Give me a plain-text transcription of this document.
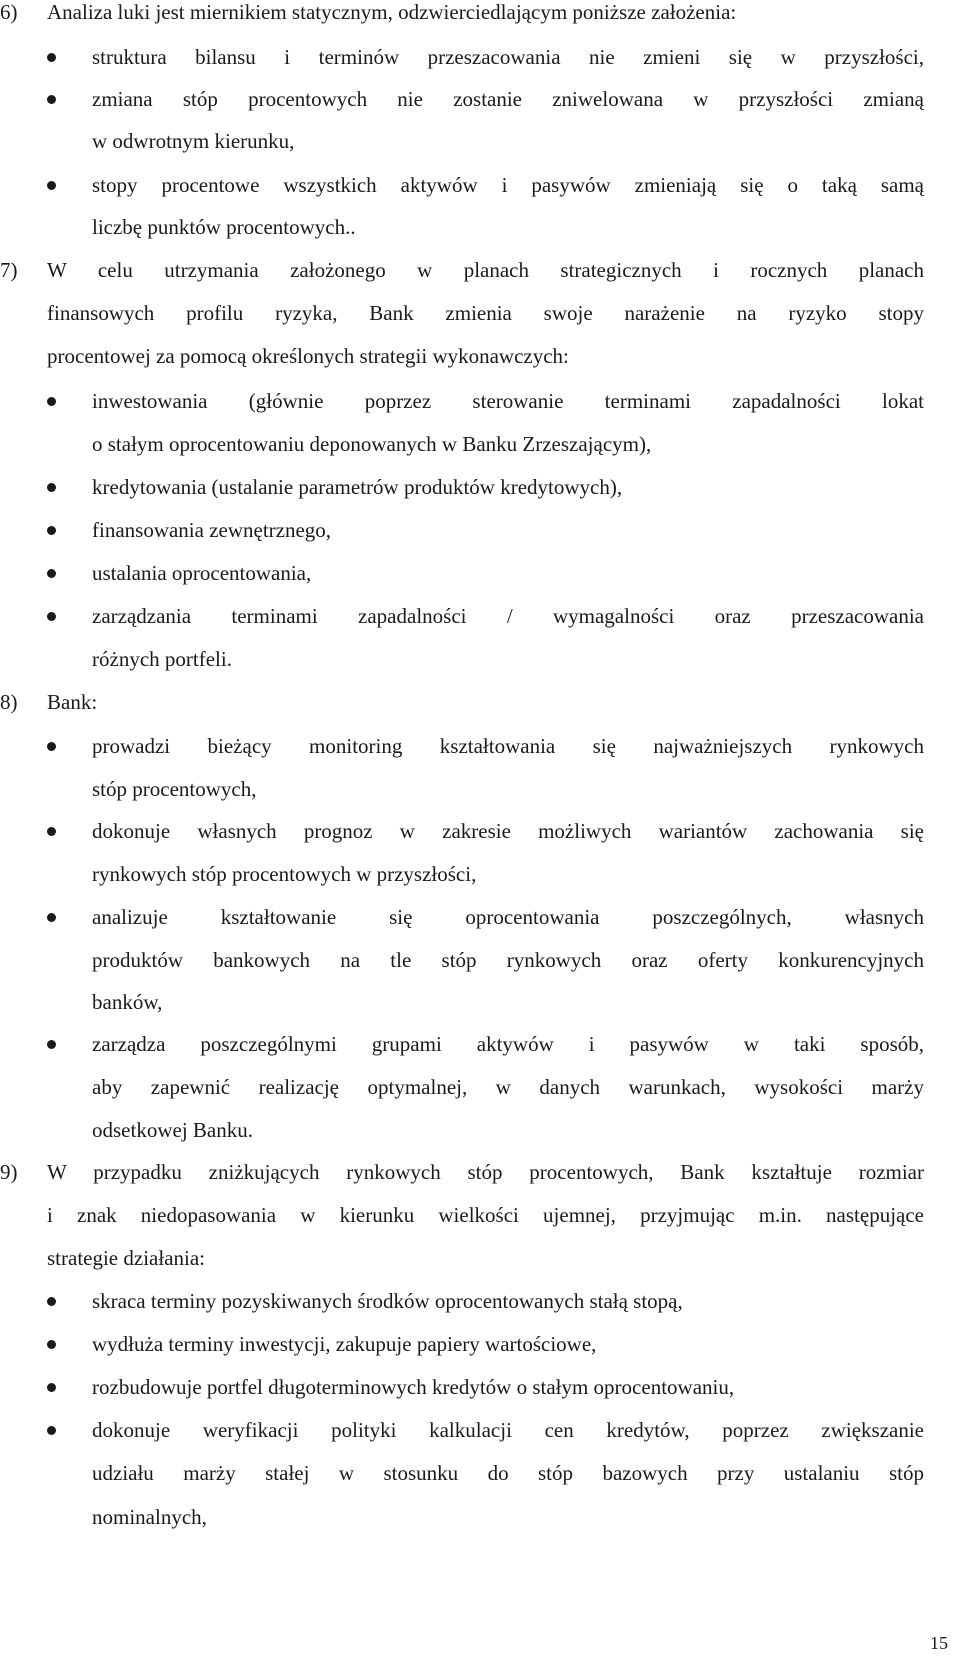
6) Analiza luki jest miernikiem statycznym, odzwierciedlającym poniższe założenia:
struktura bilansu i terminów przeszacowania nie zmieni się w przyszłości,
zmiana stóp procentowych nie zostanie zniwelowana w przyszłości zmianą
w odwrotnym kierunku,
stopy procentowe wszystkich aktywów i pasywów zmieniają się o taką samą
liczbę punktów procentowych..
7) W celu utrzymania założonego w planach strategicznych i rocznych planach
finansowych profilu ryzyka, Bank zmienia swoje narażenie na ryzyko stopy
procentowej za pomocą określonych strategii wykonawczych:
inwestowania (głównie poprzez sterowanie terminami zapadalności lokat
o stałym oprocentowaniu deponowanych w Banku Zrzeszającym),
kredytowania (ustalanie parametrów produktów kredytowych),
finansowania zewnętrznego,
ustalania oprocentowania,
zarządzania terminami zapadalności / wymagalności oraz przeszacowania
różnych portfeli.
8) Bank:
prowadzi bieżący monitoring kształtowania się najważniejszych rynkowych
stóp procentowych,
dokonuje własnych prognoz w zakresie możliwych wariantów zachowania się
rynkowych stóp procentowych w przyszłości,
analizuje kształtowanie się oprocentowania poszczególnych, własnych
produktów bankowych na tle stóp rynkowych oraz oferty konkurencyjnych
banków,
zarządza poszczególnymi grupami aktywów i pasywów w taki sposób,
aby zapewnić realizację optymalnej, w danych warunkach, wysokości marży
odsetkowej Banku.
9) W przypadku zniżkujących rynkowych stóp procentowych, Bank kształtuje rozmiar
i znak niedopasowania w kierunku wielkości ujemnej, przyjmując m.in. następujące
strategie działania:
skraca terminy pozyskiwanych środków oprocentowanych stałą stopą,
wydłuża terminy inwestycji, zakupuje papiery wartościowe,
rozbudowuje portfel długoterminowych kredytów o stałym oprocentowaniu,
dokonuje weryfikacji polityki kalkulacji cen kredytów, poprzez zwiększanie
udziału marży stałej w stosunku do stóp bazowych przy ustalaniu stóp
nominalnych,
15
